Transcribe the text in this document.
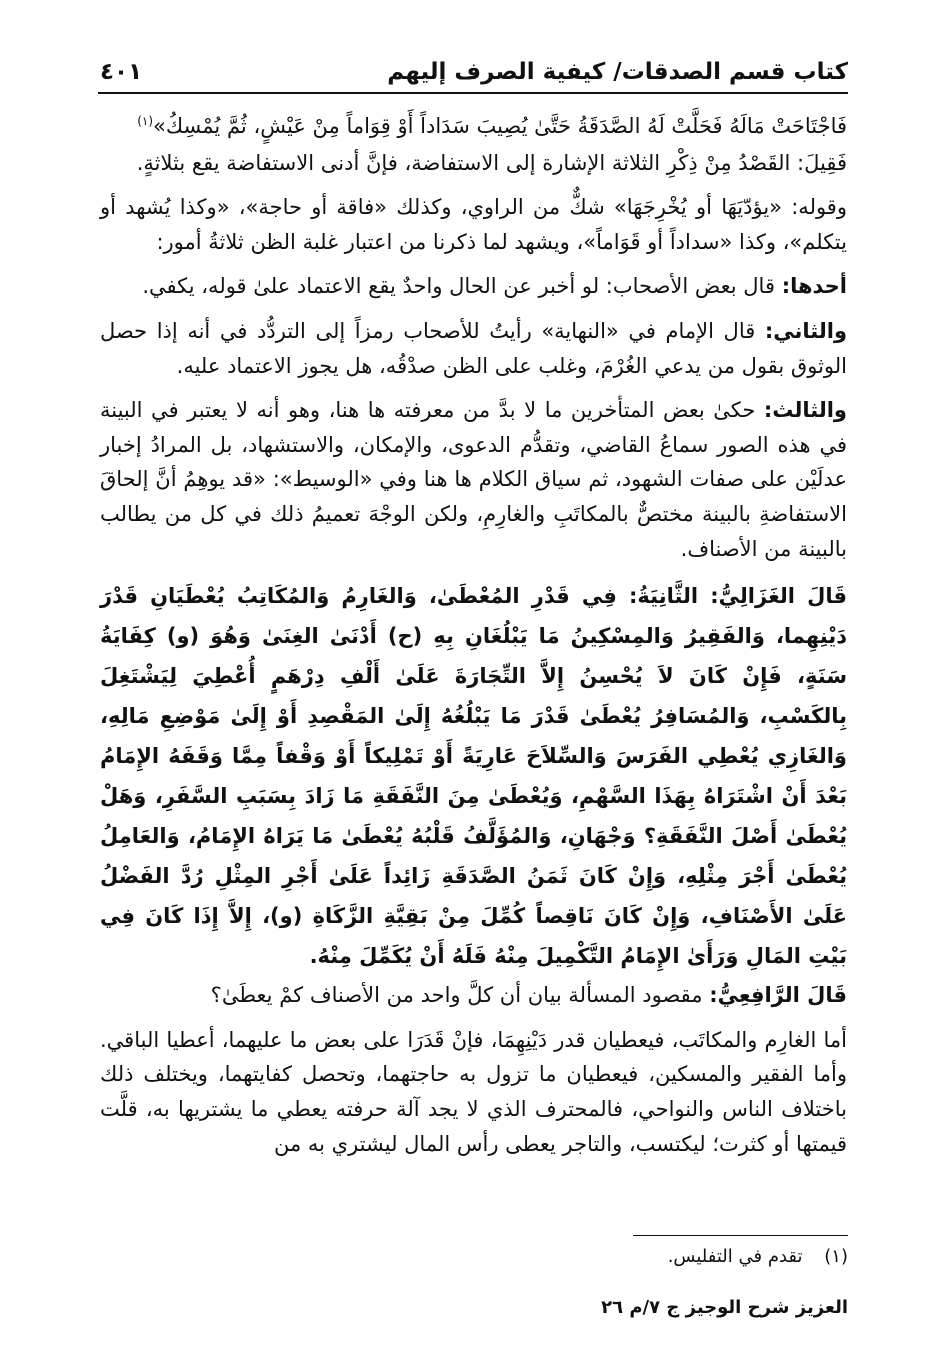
كتاب قسم الصدقات/ كيفية الصرف إليهم
٤٠١

فَاجْتَاحَتْ مَالَهُ فَحَلَّتْ لَهُ الصَّدَقَةُ حَتَّىٰ يُصِيبَ سَدَاداً أَوْ قِوَاماً مِنْ عَيْشٍ، ثُمَّ يُمْسِكُ»$^{(١)}$

فَقِيلَ: القَصْدُ مِنْ ذِكْرِ الثلاثة الإشارة إلى الاستفاضة، فإنَّ أدنى الاستفاضة يقع بثلاثةٍ.

وقوله: «يؤدّيَهَا أو يُخْرِجَهَا» شكٌّ من الراوي، وكذلك «فاقة أو حاجة»، «وكذا يُشهد أو يتكلم»، وكذا «سداداً أو قَوَاماً»، ويشهد لما ذكرنا من اعتبار غلبة الظن ثلاثةُ أمور:

أحدها: قال بعض الأصحاب: لو أخبر عن الحال واحدٌ يقع الاعتماد علىٰ قوله، يكفي.

والثاني: قال الإمام في «النهاية» رأيتُ للأصحاب رمزاً إلى التردُّد في أنه إذا حصل الوثوق بقول من يدعي الغُرْمَ، وغلب على الظن صدْقُه، هل يجوز الاعتماد عليه.

والثالث: حكىٰ بعض المتأخرين ما لا بدَّ من معرفته ها هنا، وهو أنه لا يعتبر في البينة في هذه الصور سماعُ القاضي، وتقدُّم الدعوى، والإمكان، والاستشهاد، بل المرادُ إخبار عدلَيْن على صفات الشهود، ثم سياق الكلام ها هنا وفي «الوسيط»: «قد يوهِمُ أنَّ إلحاقَ الاستفاضةِ بالبينة مختصٌّ بالمكاتَبِ والغارِمِ، ولكن الوجْهَ تعميمُ ذلك في كل من يطالب بالبينة من الأصناف.

قَالَ الغَزَالِيُّ: الثَّانِيَةُ: فِي قَدْرِ المُعْطَىٰ، وَالغَارِمُ وَالمُكَاتِبُ يُعْطَيَانِ قَدْرَ دَيْنِهِما، وَالفَقِيرُ وَالمِسْكِينُ مَا يَبْلُغَانِ بِهِ (ح) أَدْنَىٰ الغِنَىٰ وَهُوَ (و) كِفَايَةُ سَنَةٍ، فَإِنْ كَانَ لاَ يُحْسِنُ إِلاَّ التِّجَارَةَ عَلَىٰ أَلْفِ دِرْهَمٍ أُعْطِيَ لِيَشْتَغِلَ بِالكَسْبِ، وَالمُسَافِرُ يُعْطَىٰ قَدْرَ مَا يَبْلُغُهُ إِلَىٰ المَقْصِدِ أَوْ إِلَىٰ مَوْضِعِ مَالِهِ، وَالغَازِي يُعْطِي الفَرَسَ وَالسِّلاَحَ عَارِيَةً أَوْ تَمْلِيكاً أَوْ وَقْفاً مِمَّا وَقَفَهُ الإِمَامُ بَعْدَ أَنْ اشْتَرَاهُ بِهَذَا السَّهْمِ، وَيُعْطَىٰ مِنَ النَّفَقَةِ مَا زَادَ بِسَبَبِ السَّفَرِ، وَهَلْ يُعْطَىٰ أَصْلَ النَّفَقَةِ؟ وَجْهَانِ، وَالمُؤَلَّفُ قَلْبُهُ يُعْطَىٰ مَا يَرَاهُ الإِمَامُ، وَالعَامِلُ يُعْطَىٰ أَجْرَ مِثْلِهِ، وَإِنْ كَانَ ثَمَنُ الصَّدَقَةِ زَائِداً عَلَىٰ أَجْرِ المِثْلِ رُدَّ الفَضْلُ عَلَىٰ الأَصْنَافِ، وَإِنْ كَانَ نَاقِصاً كُمِّلَ مِنْ بَقِيَّةِ الزَّكَاةِ (و)، إِلاَّ إِذَا كَانَ فِي بَيْتِ المَالِ وَرَأَىٰ الإِمَامُ التَّكْمِيلَ مِنْهُ فَلَهُ أَنْ يُكَمِّلَ مِنْهُ.

قَالَ الرَّافِعِيُّ: مقصود المسألة بيان أن كلَّ واحد من الأصناف كمْ يعطَىٰ؟

أما الغارِم والمكاتَب، فيعطيان قدر دَيْنِهِمَا، فإنْ قَدَرَا على بعض ما عليهما، أعطيا الباقي. وأما الفقير والمسكين، فيعطيان ما تزول به حاجتهما، وتحصل كفايتهما، ويختلف ذلك باختلاف الناس والنواحي، فالمحترف الذي لا يجد آلة حرفته يعطي ما يشتريها به، قلَّت قيمتها أو كثرت؛ ليكتسب، والتاجر يعطى رأس المال ليشتري به من

(١) تقدم في التفليس.
العزيز شرح الوجيز ج ٧/م ٢٦
